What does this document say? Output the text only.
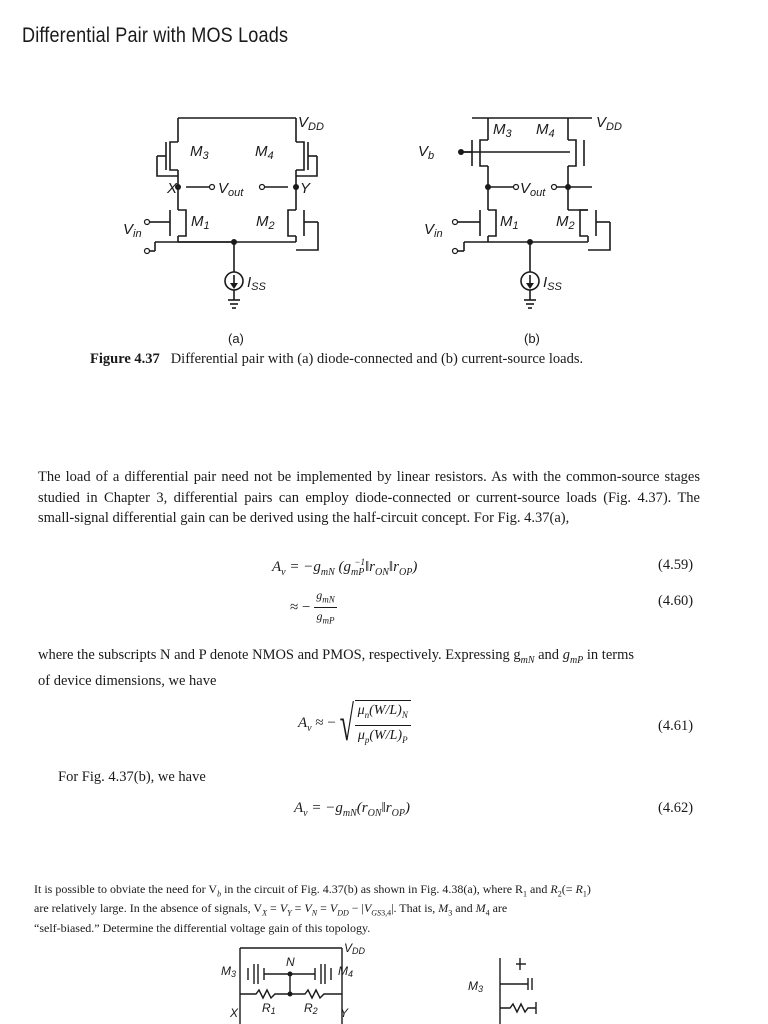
Differential Pair with MOS Loads
$V_{DD}$
$M_3$	$M_4$
X	$V_{out}$	Y
$M_1$	$M_2$
$V_{in}$
$I_{SS}$
$V_{DD}$
$M_3$ $M_4$
$V_b$
$V_{out}$
$M_1$ $M_2$
$V_{in}$
$I_{SS}$
(a)	(b)
Figure 4.37 Differential pair with (a) diode-connected and (b) current-source loads.
The load of a differential pair need not be implemented by linear resistors. As with the common-source stages studied in Chapter 3, differential pairs can employ diode-connected or current-source loads (Fig. 4.37). The small-signal differential gain can be derived using the half-circuit concept. For Fig. 4.37(a),
$A_v = -g_{mN}$ $(g_{mP}^{-1}‖r_{ON}‖r_{OP})$	(4.59)
≈ −
$g_{mN}$
$g_{mP}$
(4.60)
where the subscripts N and P denote NMOS and PMOS, respectively. Expressing $g_{mN}$ and $g_{mP}$ in terms
of device dimensions, we have
$A_v$ ≈ − √ $\frac{\mu_n(W/L)_N}{\mu_p(W/L)_P}$	(4.61)
For Fig. 4.37(b), we have
$A_v$ = $-g_{mN}(r_{ON}‖r_{OP})$	(4.62)
It is possible to obviate the need for $V_b$ in the circuit of Fig. 4.37(b) as shown in Fig. 4.38(a), where $R_1$ and $R_2(= R_1)$
are relatively large. In the absence of signals, $V_X = V_Y = V_N = V_{DD} - |V_{GS3,4}|$. That is, $M_3$ and $M_4$ are
“self-biased.” Determine the differential voltage gain of this topology.
VDD
N
M3	M4
R1 R2
X	Y
M3
